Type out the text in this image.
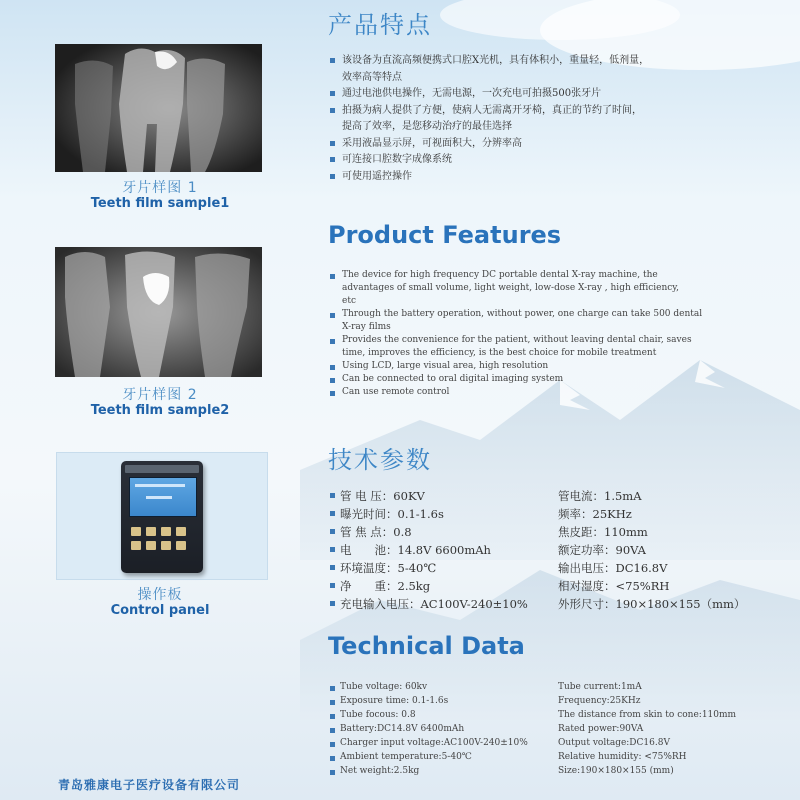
牙片样图 1
Teeth film sample1
牙片样图 2
Teeth film sample2
操作板
Control panel
青岛雅康电子医疗设备有限公司
产品特点
该设备为直流高频便携式口腔X光机，具有体积小，重量轻，低剂量，
效率高等特点
通过电池供电操作，无需电源，一次充电可拍摄500张牙片
拍摄为病人提供了方便，使病人无需离开牙椅，真正的节约了时间，
提高了效率，是您移动治疗的最佳选择
采用液晶显示屏，可视面积大，分辨率高
可连接口腔数字成像系统
可使用遥控操作
Product Features
The device for high frequency DC portable dental X-ray machine, the
advantages of small volume, light weight, low-dose X-ray , high efficiency,
etc
Through the battery operation, without power, one charge can take 500 dental
X-ray films
Provides the convenience for the patient, without leaving dental chair, saves
time, improves the efficiency, is the best choice for mobile treatment
Using LCD, large visual area, high resolution
Can be connected to oral digital imaging system
Can use remote control
技术参数
管 电 压：60KV	管电流：1.5mA
曝光时间：0.1-1.6s	频率：25KHz
管 焦 点：0.8	焦皮距：110mm
电　　池：14.8V 6600mAh	额定功率：90VA
环境温度：5-40℃	输出电压：DC16.8V
净　　重：2.5kg	相对湿度：<75%RH
充电输入电压：AC100V-240±10%	外形尺寸：190×180×155（mm）
Technical Data
Tube voltage: 60kv	Tube current:1mA
Exposure time: 0.1-1.6s	Frequency:25KHz
Tube focous: 0.8	The distance from skin to cone:110mm
Battery:DC14.8V 6400mAh	Rated power:90VA
Charger input voltage:AC100V-240±10%	Output voltage:DC16.8V
Ambient temperature:5-40℃	Relative humidity: <75%RH
Net weight:2.5kg	Size:190×180×155 (mm)
